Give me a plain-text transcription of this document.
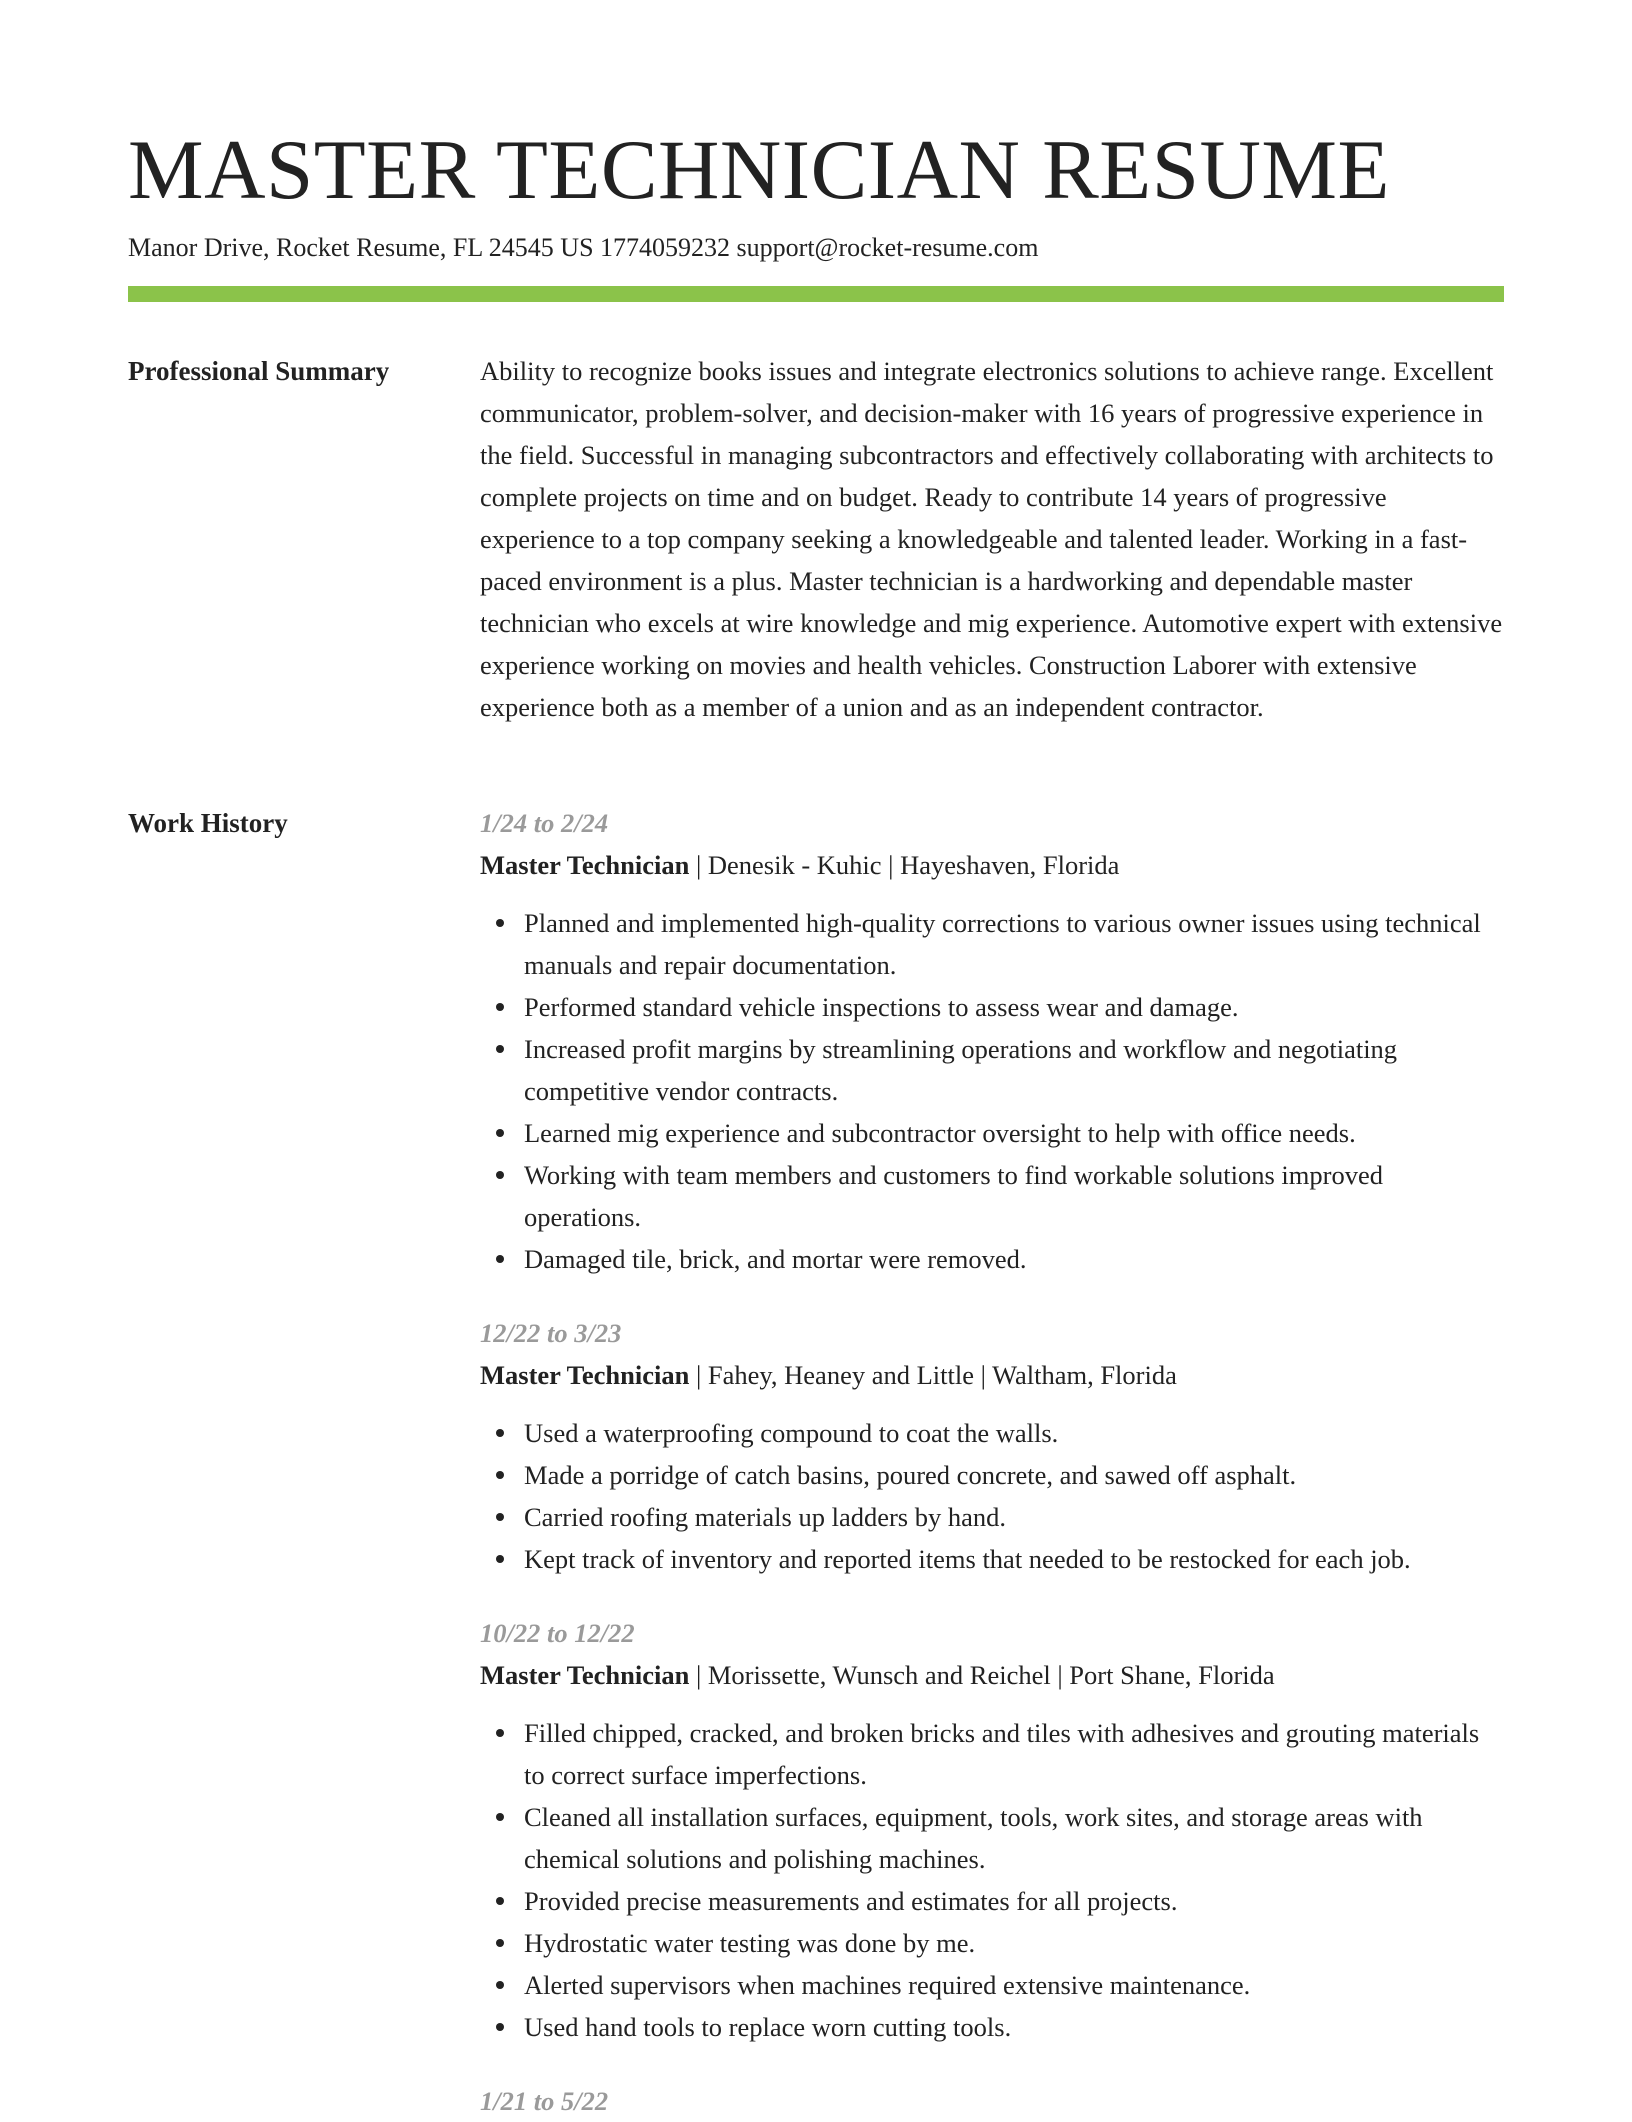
MASTER TECHNICIAN RESUME
Manor Drive, Rocket Resume, FL 24545 US 1774059232 support@rocket-resume.com
Professional Summary	Ability to recognize books issues and integrate electronics solutions to achieve range. Excellent communicator, problem-solver, and decision-maker with 16 years of progressive experience in the field. Successful in managing subcontractors and effectively collaborating with architects to complete projects on time and on budget. Ready to contribute 14 years of progressive experience to a top company seeking a knowledgeable and talented leader. Working in a fast-paced environment is a plus. Master technician is a hardworking and dependable master technician who excels at wire knowledge and mig experience. Automotive expert with extensive experience working on movies and health vehicles. Construction Laborer with extensive experience both as a member of a union and as an independent contractor.

Work History	1/24 to 2/24
Master Technician | Denesik - Kuhic | Hayeshaven, Florida
Planned and implemented high-quality corrections to various owner issues using technical manuals and repair documentation.
Performed standard vehicle inspections to assess wear and damage.
Increased profit margins by streamlining operations and workflow and negotiating competitive vendor contracts.
Learned mig experience and subcontractor oversight to help with office needs.
Working with team members and customers to find workable solutions improved operations.
Damaged tile, brick, and mortar were removed.
12/22 to 3/23
Master Technician | Fahey, Heaney and Little | Waltham, Florida
Used a waterproofing compound to coat the walls.
Made a porridge of catch basins, poured concrete, and sawed off asphalt.
Carried roofing materials up ladders by hand.
Kept track of inventory and reported items that needed to be restocked for each job.
10/22 to 12/22
Master Technician | Morissette, Wunsch and Reichel | Port Shane, Florida
Filled chipped, cracked, and broken bricks and tiles with adhesives and grouting materials to correct surface imperfections.
Cleaned all installation surfaces, equipment, tools, work sites, and storage areas with chemical solutions and polishing machines.
Provided precise measurements and estimates for all projects.
Hydrostatic water testing was done by me.
Alerted supervisors when machines required extensive maintenance.
Used hand tools to replace worn cutting tools.
1/21 to 5/22
